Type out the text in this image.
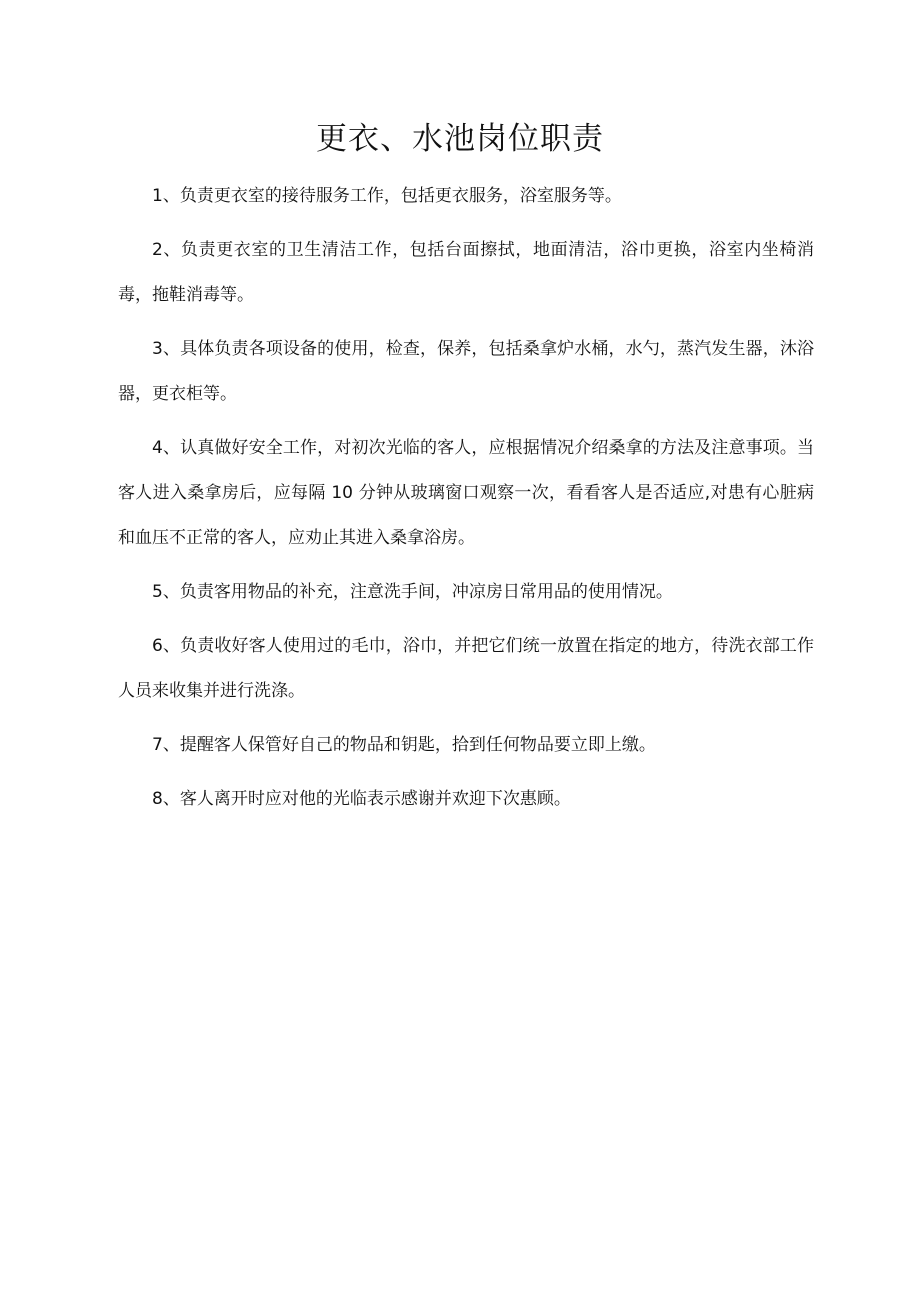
更衣、水池岗位职责

1、负责更衣室的接待服务工作，包括更衣服务，浴室服务等。

2、负责更衣室的卫生清洁工作，包括台面擦拭，地面清洁，浴巾更换，浴室内坐椅消毒，拖鞋消毒等。

3、具体负责各项设备的使用，检查，保养，包括桑拿炉水桶，水勺，蒸汽发生器，沐浴器，更衣柜等。

4、认真做好安全工作，对初次光临的客人，应根据情况介绍桑拿的方法及注意事项。当客人进入桑拿房后，应每隔 10 分钟从玻璃窗口观察一次，看看客人是否适应,对患有心脏病和血压不正常的客人，应劝止其进入桑拿浴房。

5、负责客用物品的补充，注意洗手间，冲凉房日常用品的使用情况。

6、负责收好客人使用过的毛巾，浴巾，并把它们统一放置在指定的地方，待洗衣部工作人员来收集并进行洗涤。

7、提醒客人保管好自己的物品和钥匙，拾到任何物品要立即上缴。

8、客人离开时应对他的光临表示感谢并欢迎下次惠顾。
